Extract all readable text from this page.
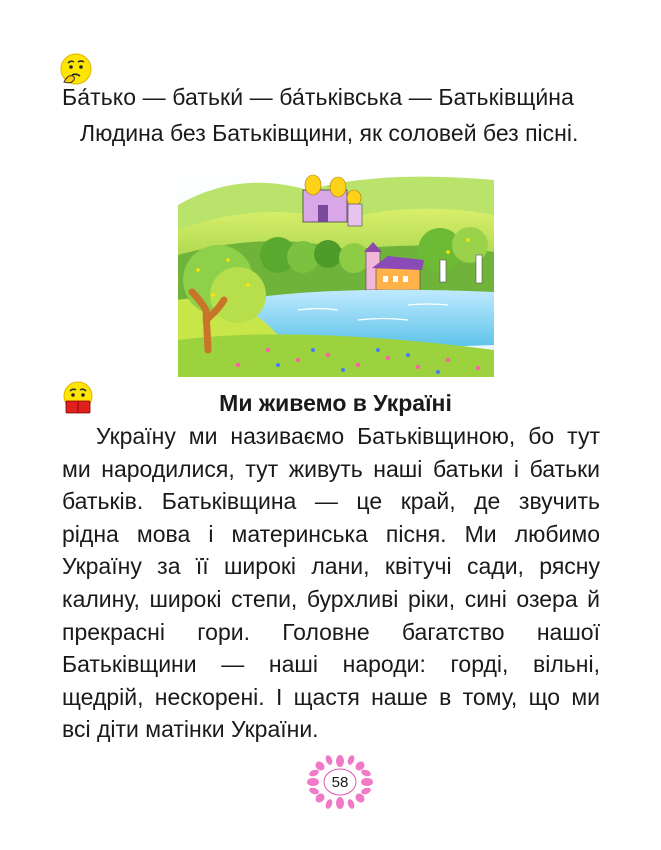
Ба́тько — батьки́ — ба́тьківська — Батьківщи́на
Людина без Батьківщини, як соловей без пісні.
Ми живемо в Україні
Україну ми називаємо Батьківщиною, бо тут
ми народилися, тут живуть наші батьки і батьки
батьків. Батьківщина — це край, де звучить
рідна мова і материнська пісня. Ми любимо
Україну за її широкі лани, квітучі сади, рясну
калину, широкі степи, бурхливі ріки, сині озера й
прекрасні гори. Головне багатство нашої
Батьківщини — наші народи: горді, вільні,
щедрій, нескорені. І щастя наше в тому, що ми
всі діти матінки України.
58
